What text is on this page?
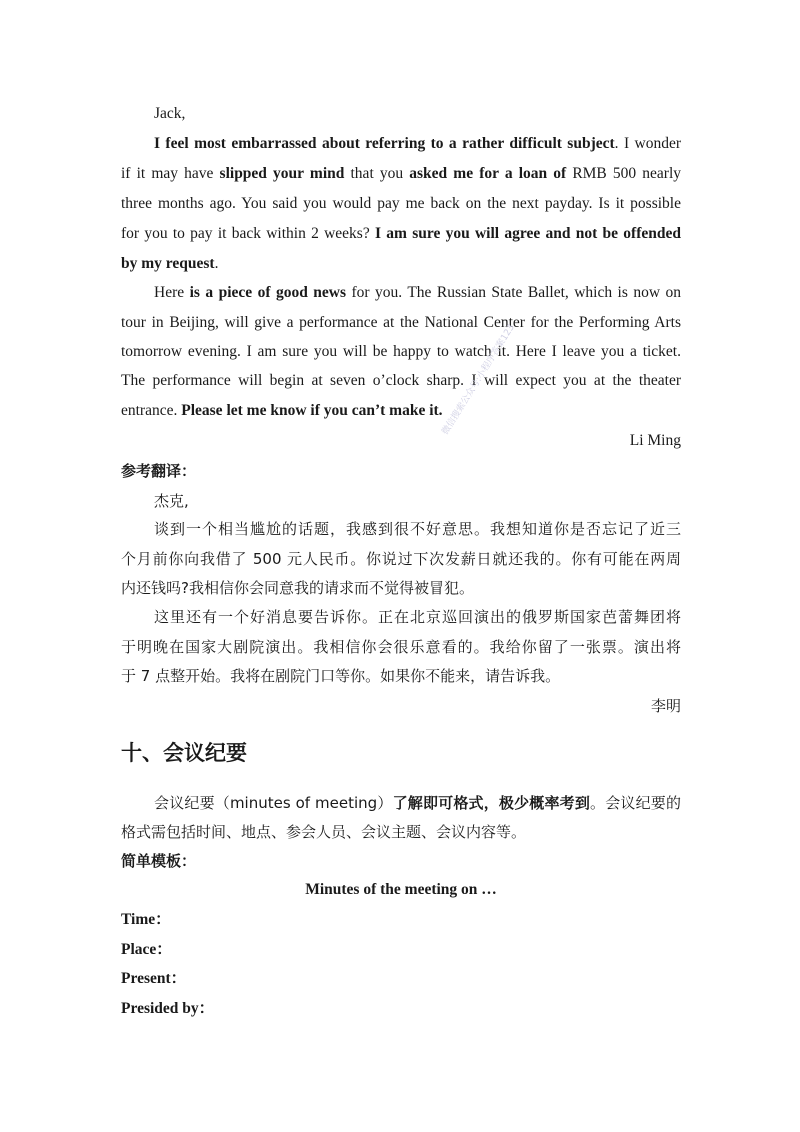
Jack,
I feel most embarrassed about referring to a rather difficult subject. I wonder
if it may have slipped your mind that you asked me for a loan of RMB 500 nearly
three months ago. You said you would pay me back on the next payday. Is it possible
for you to pay it back within 2 weeks? I am sure you will agree and not be offended
by my request.
Here is a piece of good news for you. The Russian State Ballet, which is now on
tour in Beijing, will give a performance at the National Center for the Performing Arts
tomorrow evening. I am sure you will be happy to watch it. Here I leave you a ticket.
The performance will begin at seven o’clock sharp. I will expect you at the theater
entrance. Please let me know if you can’t make it.
Li Ming
参考翻译：
杰克,
谈到一个相当尴尬的话题，我感到很不好意思。我想知道你是否忘记了近三
个月前你向我借了 500 元人民币。你说过下次发薪日就还我的。你有可能在两周
内还钱吗?我相信你会同意我的请求而不觉得被冒犯。
这里还有一个好消息要告诉你。正在北京巡回演出的俄罗斯国家芭蕾舞团将
于明晚在国家大剧院演出。我相信你会很乐意看的。我给你留了一张票。演出将
于 7 点整开始。我将在剧院门口等你。如果你不能来，请告诉我。
李明
十、会议纪要
会议纪要（minutes of meeting）了解即可格式，极少概率考到。会议纪要的
格式需包括时间、地点、参会人员、会议主题、会议内容等。
简单模板：
Minutes of the meeting on …
Time：
Place：
Present：
Presided by：
微信搜索公众号:小程序答案123
